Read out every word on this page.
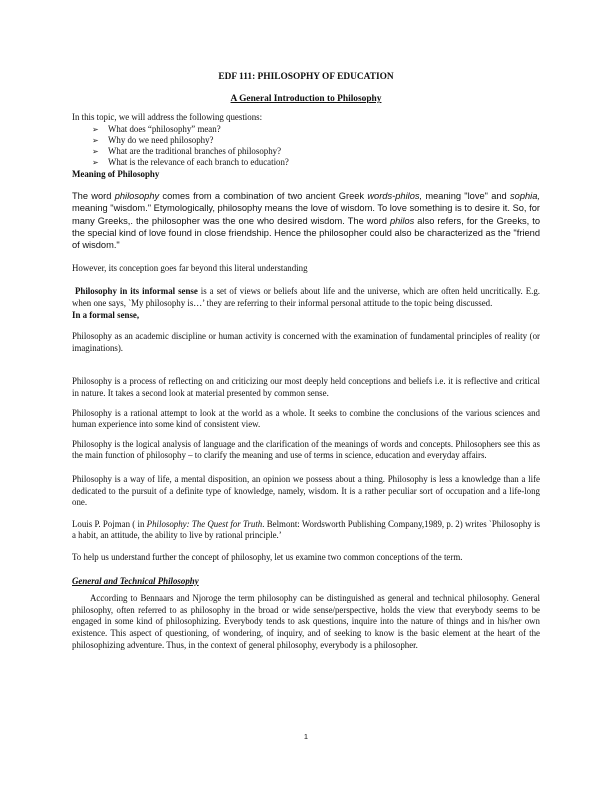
EDF 111: PHILOSOPHY OF EDUCATION
A General Introduction to Philosophy

In this topic, we will address the following questions:

➢ What does “philosophy” mean?
➢ Why do we need philosophy?
➢ What are the traditional branches of philosophy?
➢ What is the relevance of each branch to education?
Meaning of Philosophy

The word philosophy comes from a combination of two ancient Greek words-philos, meaning "love" and sophia, meaning "wisdom." Etymologically, philosophy means the love of wisdom. To love something is to desire it. So, for many Greeks,. the philosopher was the one who desired wisdom. The word philos also refers, for the Greeks, to the special kind of love found in close friendship. Hence the philosopher could also be characterized as the "friend of wisdom."

However, its conception goes far beyond this literal understanding

Philosophy in its informal sense is a set of views or beliefs about life and the universe, which are often held uncritically. E.g. when one says, `My philosophy is…’ they are referring to their informal personal attitude to the topic being discussed.

In a formal sense,

Philosophy as an academic discipline or human activity is concerned with the examination of fundamental principles of reality (or imaginations).

Philosophy is a process of reflecting on and criticizing our most deeply held conceptions and beliefs i.e. it is reflective and critical in nature. It takes a second look at material presented by common sense.

Philosophy is a rational attempt to look at the world as a whole. It seeks to combine the conclusions of the various sciences and human experience into some kind of consistent view.

Philosophy is the logical analysis of language and the clarification of the meanings of words and concepts. Philosophers see this as the main function of philosophy – to clarify the meaning and use of terms in science, education and everyday affairs.

Philosophy is a way of life, a mental disposition, an opinion we possess about a thing. Philosophy is less a knowledge than a life dedicated to the pursuit of a definite type of knowledge, namely, wisdom. It is a rather peculiar sort of occupation and a life-long one.

Louis P. Pojman ( in Philosophy: The Quest for Truth. Belmont: Wordsworth Publishing Company,1989, p. 2) writes `Philosophy is a habit, an attitude, the ability to live by rational principle.’

To help us understand further the concept of philosophy, let us examine two common conceptions of the term.

General and Technical Philosophy

According to Bennaars and Njoroge the term philosophy can be distinguished as general and technical philosophy. General philosophy, often referred to as philosophy in the broad or wide sense/perspective, holds the view that everybody seems to be engaged in some kind of philosophizing. Everybody tends to ask questions, inquire into the nature of things and in his/her own existence. This aspect of questioning, of wondering, of inquiry, and of seeking to know is the basic element at the heart of the philosophizing adventure. Thus, in the context of general philosophy, everybody is a philosopher.

1
